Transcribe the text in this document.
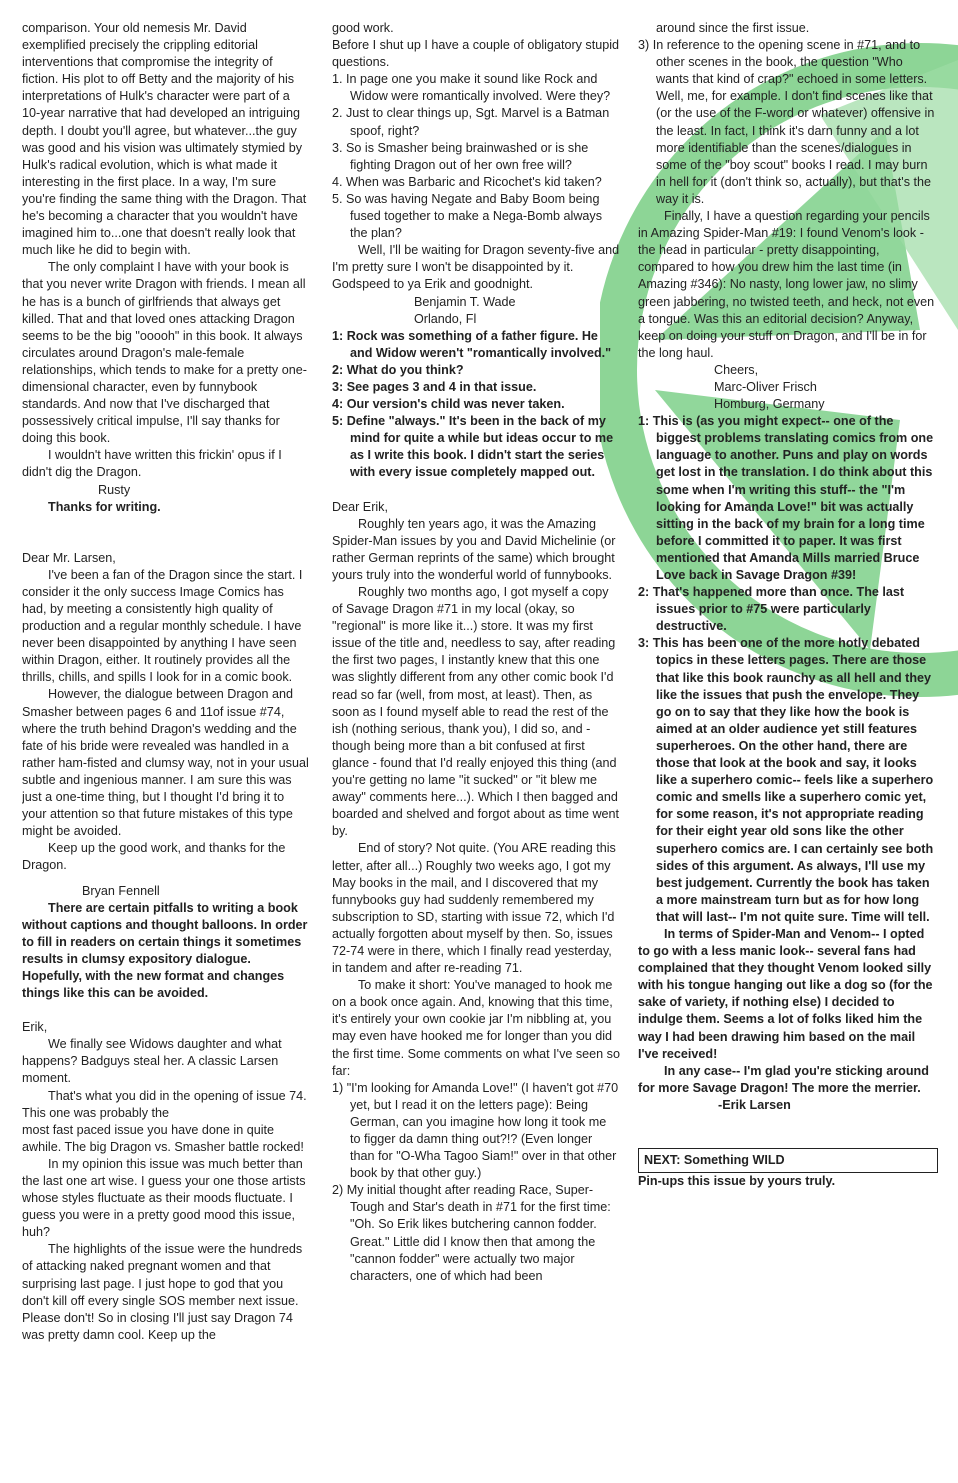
comparison. Your old nemesis Mr. David exemplified precisely the crippling editorial interventions that compromise the integrity of fiction. His plot to off Betty and the majority of his interpretations of Hulk's character were part of a 10-year narrative that had developed an intriguing depth. I doubt you'll agree, but whatever...the guy was good and his vision was ultimately stymied by Hulk's radical evolution, which is what made it interesting in the first place. In a way, I'm sure you're finding the same thing with the Dragon. That he's becoming a character that you wouldn't have imagined him to...one that doesn't really look that much like he did to begin with.

The only complaint I have with your book is that you never write Dragon with friends. I mean all he has is a bunch of girlfriends that always get killed. That and that loved ones attacking Dragon seems to be the big "ooooh" in this book. It always circulates around Dragon's male-female relationships, which tends to make for a pretty one-dimensional character, even by funnybook standards. And now that I've discharged that possessively critical impulse, I'll say thanks for doing this book.

I wouldn't have written this frickin' opus if I didn't dig the Dragon.

Rusty

Thanks for writing.

Dear Mr. Larsen,

I've been a fan of the Dragon since the start. I consider it the only success Image Comics has had, by meeting a consistently high quality of production and a regular monthly schedule. I have never been disappointed by anything I have seen within Dragon, either. It routinely provides all the thrills, chills, and spills I look for in a comic book.

However, the dialogue between Dragon and Smasher between pages 6 and 11of issue #74, where the truth behind Dragon's wedding and the fate of his bride were revealed was handled in a rather ham-fisted and clumsy way, not in your usual subtle and ingenious manner. I am sure this was just a one-time thing, but I thought I'd bring it to your attention so that future mistakes of this type might be avoided.

Keep up the good work, and thanks for the Dragon.

Bryan Fennell

There are certain pitfalls to writing a book without captions and thought balloons. In order to fill in readers on certain things it sometimes results in clumsy expository dialogue. Hopefully, with the new format and changes things like this can be avoided.

Erik,

We finally see Widows daughter and what happens? Badguys steal her. A classic Larsen moment.

That's what you did in the opening of issue 74. This one was probably the

most fast paced issue you have done in quite awhile. The big Dragon vs. Smasher battle rocked!

In my opinion this issue was much better than the last one art wise. I guess your one those artists whose styles fluctuate as their moods fluctuate. I guess you were in a pretty good mood this issue, huh?

The highlights of the issue were the hundreds of attacking naked pregnant women and that surprising last page. I just hope to god that you don't kill off every single SOS member next issue. Please don't! So in closing I'll just say Dragon 74 was pretty damn cool. Keep up the

good work.

Before I shut up I have a couple of obligatory stupid questions.

1. In page one you make it sound like Rock and Widow were romantically involved. Were they?
2. Just to clear things up, Sgt. Marvel is a Batman spoof, right?
3. So is Smasher being brainwashed or is she fighting Dragon out of her own free will?
4. When was Barbaric and Ricochet's kid taken?
5. So was having Negate and Baby Boom being fused together to make a Nega-Bomb always the plan?

Well, I'll be waiting for Dragon seventy-five and I'm pretty sure I won't be disappointed by it. Godspeed to ya Erik and goodnight.

Benjamin T. Wade

Orlando, Fl

1: Rock was something of a father figure. He and Widow weren't "romantically involved."
2: What do you think?
3: See pages 3 and 4 in that issue.
4: Our version's child was never taken.
5: Define "always." It's been in the back of my mind for quite a while but ideas occur to me as I write this book. I didn't start the series with every issue completely mapped out.

Dear Erik,

Roughly ten years ago, it was the Amazing Spider-Man issues by you and David Michelinie (or rather German reprints of the same) which brought yours truly into the wonderful world of funnybooks.

Roughly two months ago, I got myself a copy of Savage Dragon #71 in my local (okay, so "regional" is more like it...) store. It was my first issue of the title and, needless to say, after reading the first two pages, I instantly knew that this one was slightly different from any other comic book I'd read so far (well, from most, at least). Then, as soon as I found myself able to read the rest of the ish (nothing serious, thank you), I did so, and - though being more than a bit confused at first glance - found that I'd really enjoyed this thing (and you're getting no lame "it sucked" or "it blew me away" comments here...). Which I then bagged and boarded and shelved and forgot about as time went by.

End of story? Not quite. (You ARE reading this letter, after all...) Roughly two weeks ago, I got my May books in the mail, and I discovered that my funnybooks guy had suddenly remembered my subscription to SD, starting with issue 72, which I'd actually forgotten about myself by then. So, issues 72-74 were in there, which I finally read yesterday, in tandem and after re-reading 71.

To make it short: You've managed to hook me on a book once again. And, knowing that this time, it's entirely your own cookie jar I'm nibbling at, you may even have hooked me for longer than you did the first time. Some comments on what I've seen so far:

1) "I'm looking for Amanda Love!" (I haven't got #70 yet, but I read it on the letters page): Being German, can you imagine how long it took me to figger da damn thing out?!? (Even longer than for "O-Wha Tagoo Siam!" over in that other book by that other guy.)
2) My initial thought after reading Race, Super-Tough and Star's death in #71 for the first time: "Oh. So Erik likes butchering cannon fodder. Great." Little did I know then that among the "cannon fodder" were actually two major characters, one of which had been

around since the first issue.

3) In reference to the opening scene in #71, and to other scenes in the book, the question "Who wants that kind of crap?" echoed in some letters. Well, me, for example. I don't find scenes like that (or the use of the F-word or whatever) offensive in the least. In fact, I think it's darn funny and a lot more identifiable than the scenes/dialogues in some of the "boy scout" books I read. I may burn in hell for it (don't think so, actually), but that's the way it is.

Finally, I have a question regarding your pencils in Amazing Spider-Man #19: I found Venom's look - the head in particular - pretty disappointing, compared to how you drew him the last time (in Amazing #346): No nasty, long lower jaw, no slimy green jabbering, no twisted teeth, and heck, not even a tongue. Was this an editorial decision? Anyway, keep on doing your stuff on Dragon, and I'll be in for the long haul.

Cheers,

Marc-Oliver Frisch

Homburg, Germany

1: This is (as you might expect-- one of the biggest problems translating comics from one language to another. Puns and play on words get lost in the translation. I do think about this some when I'm writing this stuff-- the "I'm looking for Amanda Love!" bit was actually sitting in the back of my brain for a long time before I committed it to paper. It was first mentioned that Amanda Mills married Bruce Love back in Savage Dragon #39!
2: That's happened more than once. The last issues prior to #75 were particularly destructive.
3: This has been one of the more hotly debated topics in these letters pages. There are those that like this book raunchy as all hell and they like the issues that push the envelope. They go on to say that they like how the book is aimed at an older audience yet still features superheroes. On the other hand, there are those that look at the book and say, it looks like a superhero comic-- feels like a superhero comic and smells like a superhero comic yet, for some reason, it's not appropriate reading for their eight year old sons like the other superhero comics are. I can certainly see both sides of this argument. As always, I'll use my best judgement. Currently the book has taken a more mainstream turn but as for how long that will last-- I'm not quite sure. Time will tell.

In terms of Spider-Man and Venom-- I opted to go with a less manic look-- several fans had complained that they thought Venom looked silly with his tongue hanging out like a dog so (for the sake of variety, if nothing else) I decided to indulge them. Seems a lot of folks liked him the way I had been drawing him based on the mail I've received!

In any case-- I'm glad you're sticking around for more Savage Dragon! The more the merrier.

-Erik Larsen

NEXT: Something WILD

Pin-ups this issue by yours truly.
